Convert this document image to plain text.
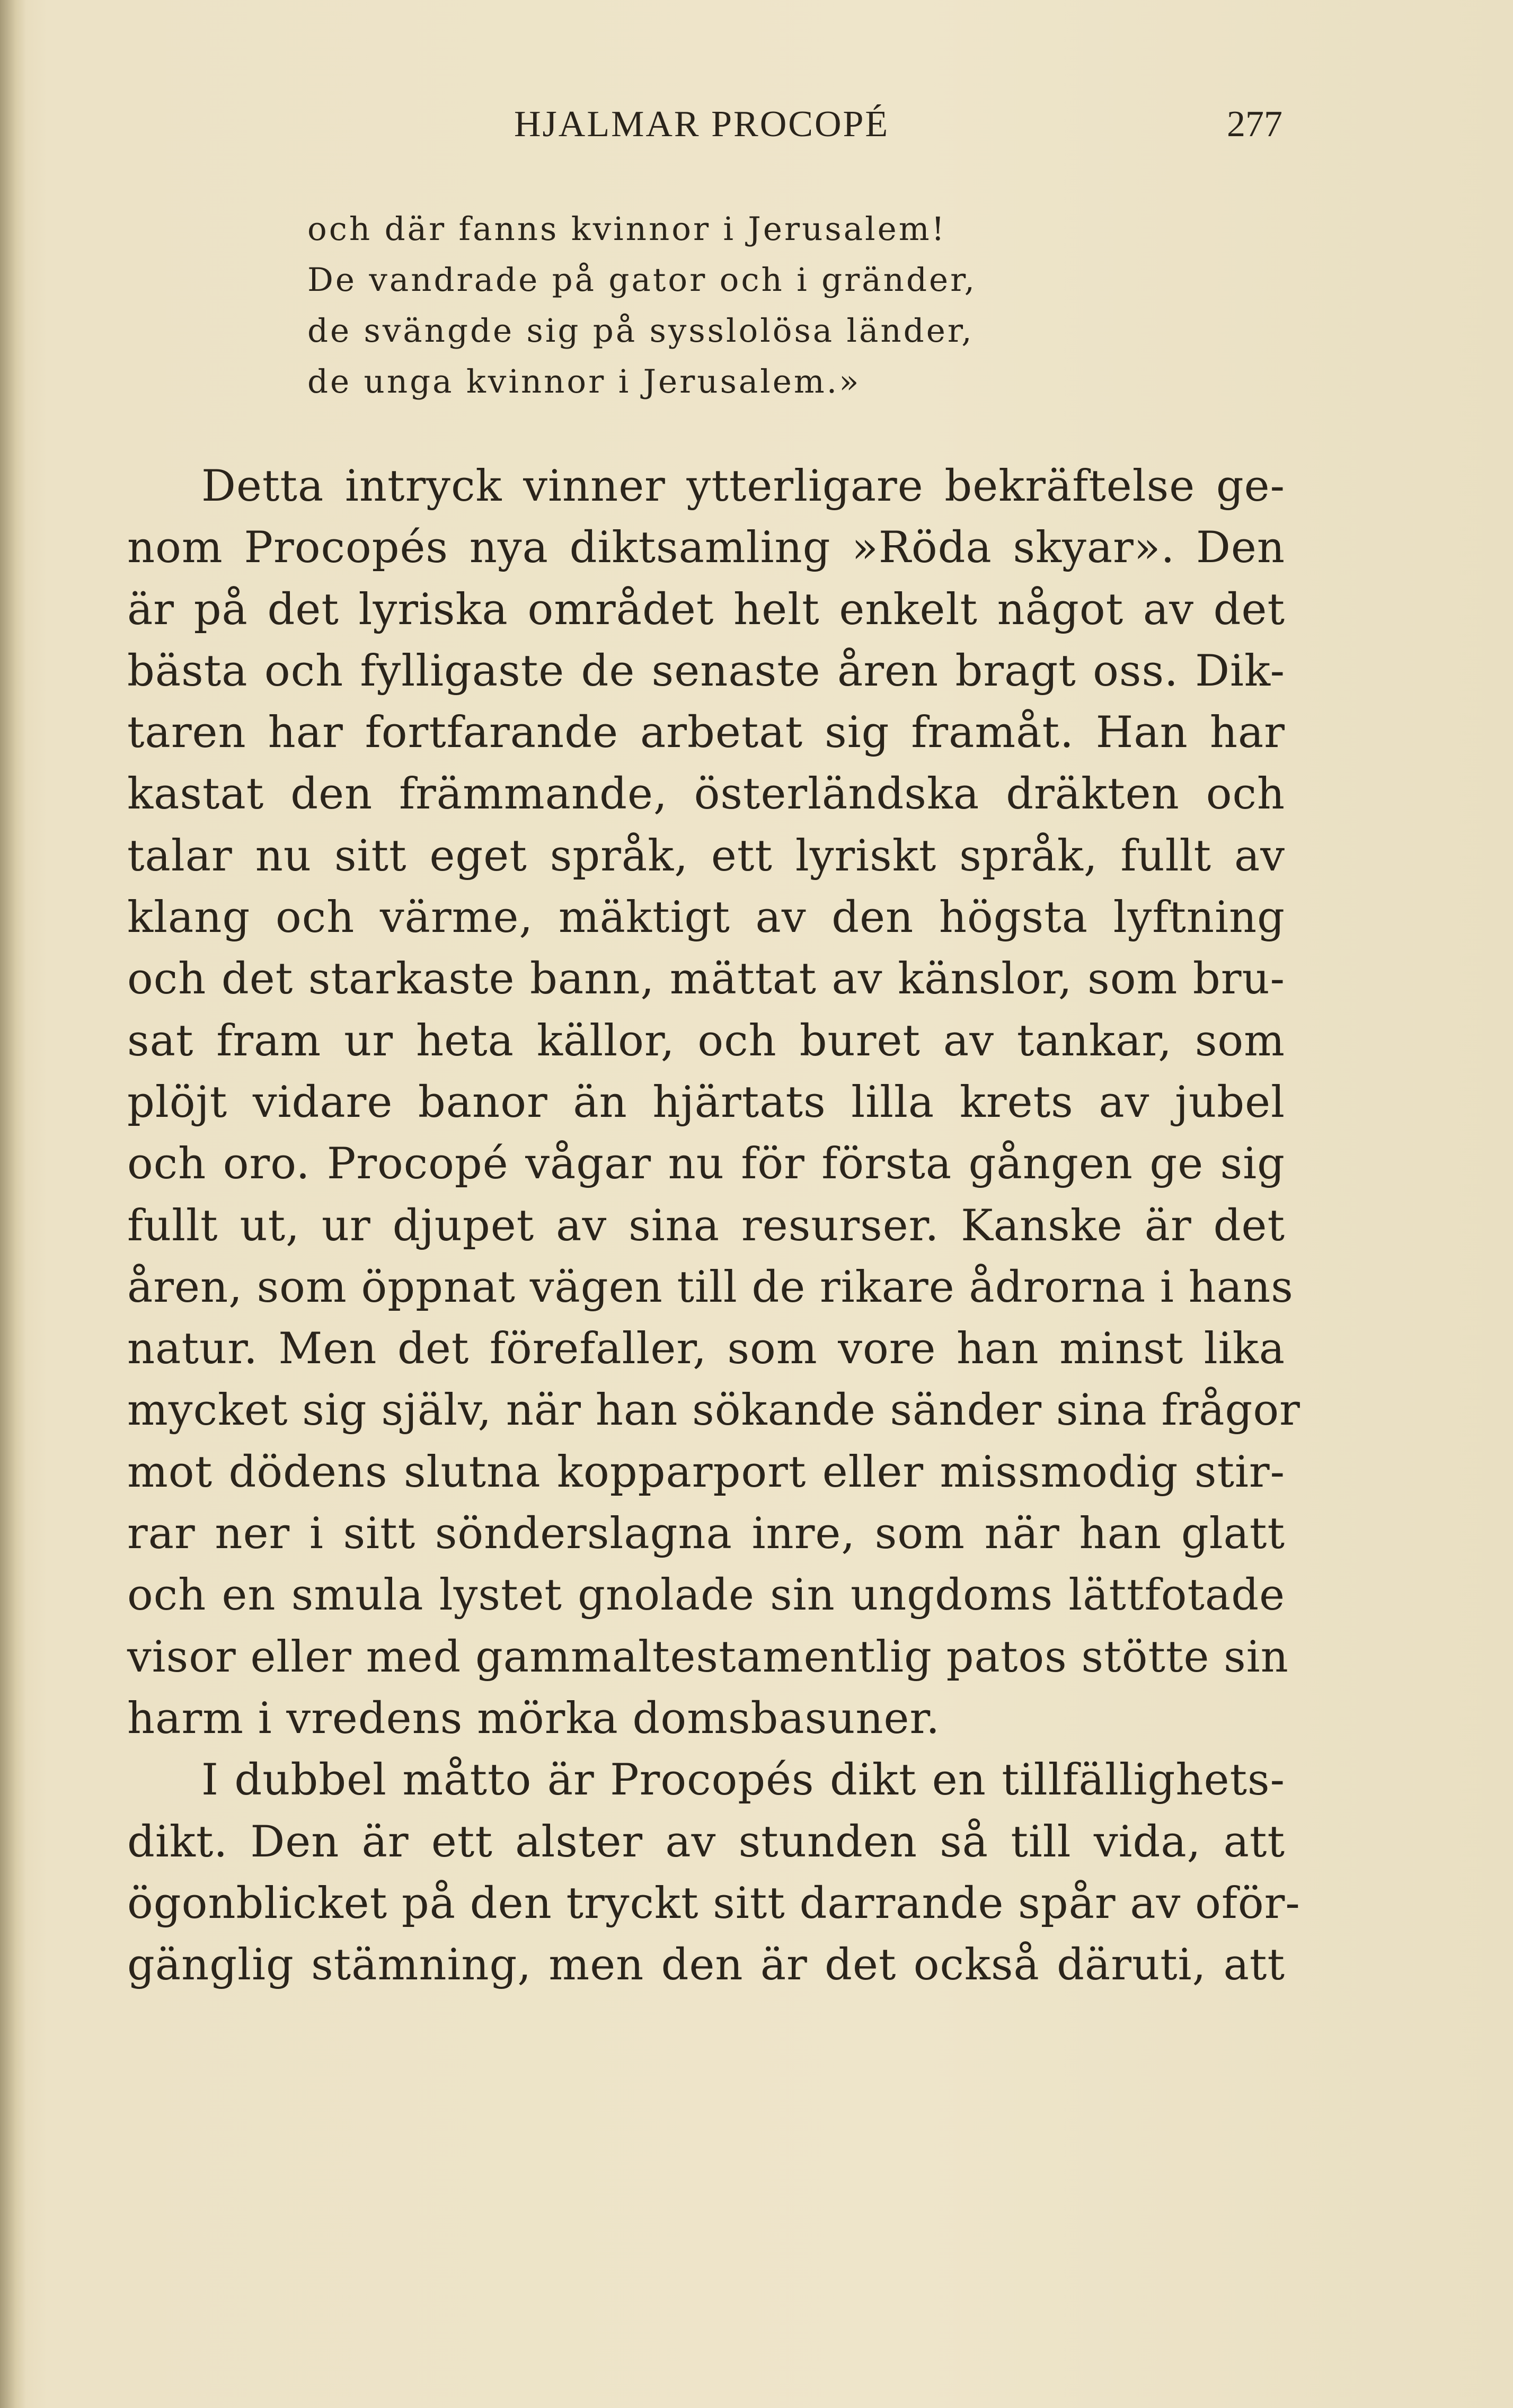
HJALMAR PROCOPÉ	277
och där fanns kvinnor i Jerusalem!
De vandrade på gator och i gränder,
de svängde sig på sysslolösa länder,
de unga kvinnor i Jerusalem.»
Detta intryck vinner ytterligare bekräftelse ge-
nom Procopés nya diktsamling »Röda skyar». Den
är på det lyriska området helt enkelt något av det
bästa och fylligaste de senaste åren bragt oss. Dik-
taren har fortfarande arbetat sig framåt. Han har
kastat den främmande, österländska dräkten och
talar nu sitt eget språk, ett lyriskt språk, fullt av
klang och värme, mäktigt av den högsta lyftning
och det starkaste bann, mättat av känslor, som bru-
sat fram ur heta källor, och buret av tankar, som
plöjt vidare banor än hjärtats lilla krets av jubel
och oro. Procopé vågar nu för första gången ge sig
fullt ut, ur djupet av sina resurser. Kanske är det
åren, som öppnat vägen till de rikare ådrorna i hans
natur. Men det förefaller, som vore han minst lika
mycket sig själv, när han sökande sänder sina frågor
mot dödens slutna kopparport eller missmodig stir-
rar ner i sitt sönderslagna inre, som när han glatt
och en smula lystet gnolade sin ungdoms lättfotade
visor eller med gammaltestamentlig patos stötte sin
harm i vredens mörka domsbasuner.
I dubbel måtto är Procopés dikt en tillfällighets-
dikt. Den är ett alster av stunden så till vida, att
ögonblicket på den tryckt sitt darrande spår av oför-
gänglig stämning, men den är det också däruti, att
